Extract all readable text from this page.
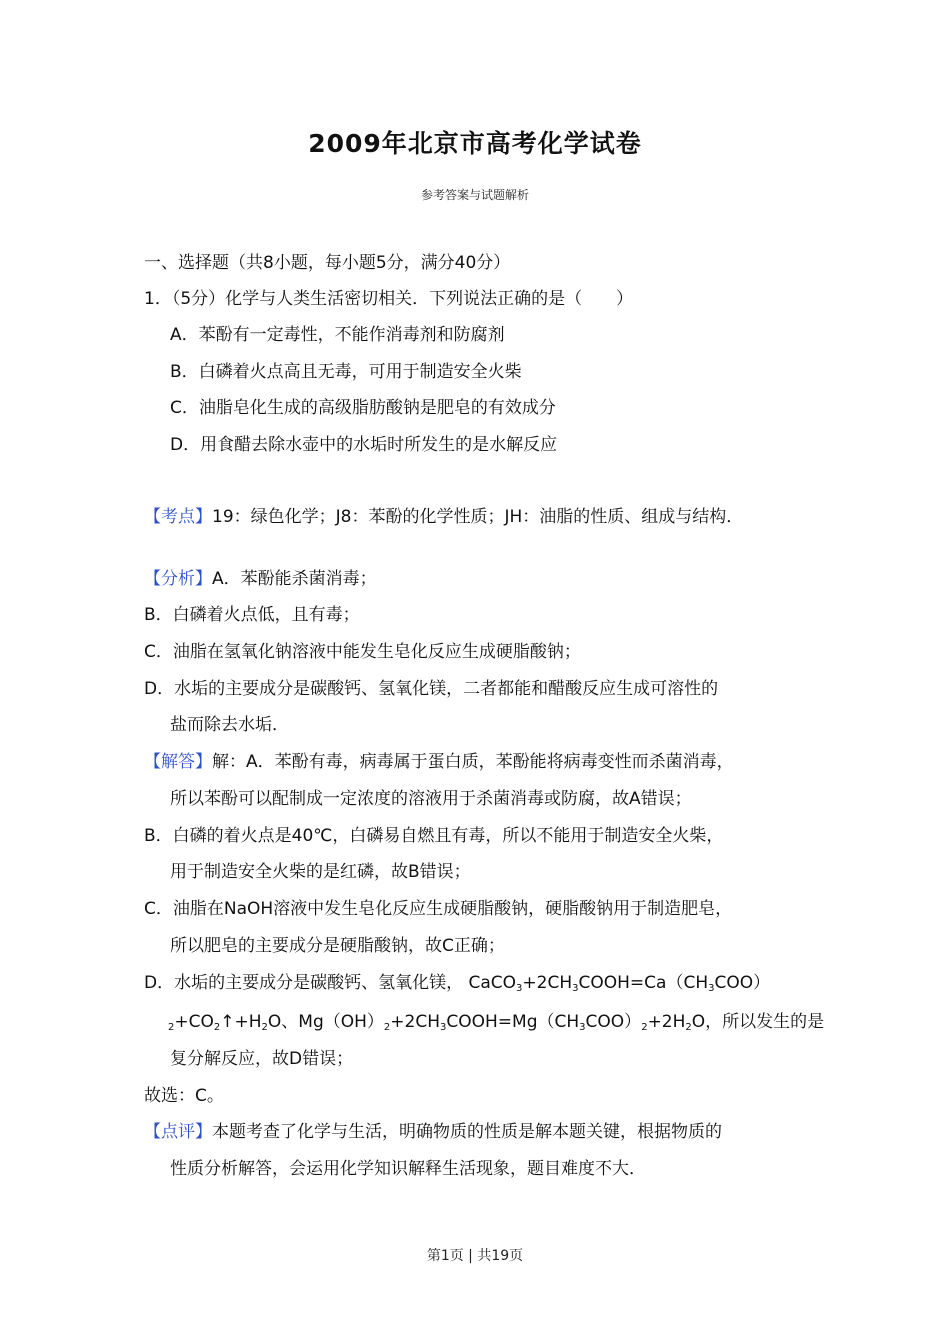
2009年北京市高考化学试卷
参考答案与试题解析
一、选择题（共8小题，每小题5分，满分40分）
1．（5分）化学与人类生活密切相关．下列说法正确的是（　　）
A．苯酚有一定毒性，不能作消毒剂和防腐剂
B．白磷着火点高且无毒，可用于制造安全火柴
C．油脂皂化生成的高级脂肪酸钠是肥皂的有效成分
D．用食醋去除水壶中的水垢时所发生的是水解反应
【考点】19：绿色化学；J8：苯酚的化学性质；JH：油脂的性质、组成与结构．
【分析】A．苯酚能杀菌消毒；
B．白磷着火点低，且有毒；
C．油脂在氢氧化钠溶液中能发生皂化反应生成硬脂酸钠；
D．水垢的主要成分是碳酸钙、氢氧化镁，二者都能和醋酸反应生成可溶性的
盐而除去水垢．
【解答】解：A．苯酚有毒，病毒属于蛋白质，苯酚能将病毒变性而杀菌消毒，
所以苯酚可以配制成一定浓度的溶液用于杀菌消毒或防腐，故A错误；
B．白磷的着火点是40℃，白磷易自燃且有毒，所以不能用于制造安全火柴，
用于制造安全火柴的是红磷，故B错误；
C．油脂在NaOH溶液中发生皂化反应生成硬脂酸钠，硬脂酸钠用于制造肥皂，
所以肥皂的主要成分是硬脂酸钠，故C正确；
D．水垢的主要成分是碳酸钙、氢氧化镁， $CaCO_3+2CH_3COOH=Ca(CH_3COO)$
$_2+CO_2↑+H_2O$、$Mg(OH)_2+2CH_3COOH=Mg(CH_3COO)_2+2H_2O$，所以发生的是
复分解反应，故D错误；
故选：C。
【点评】本题考查了化学与生活，明确物质的性质是解本题关键，根据物质的
性质分析解答，会运用化学知识解释生活现象，题目难度不大．
第1页 | 共19页
